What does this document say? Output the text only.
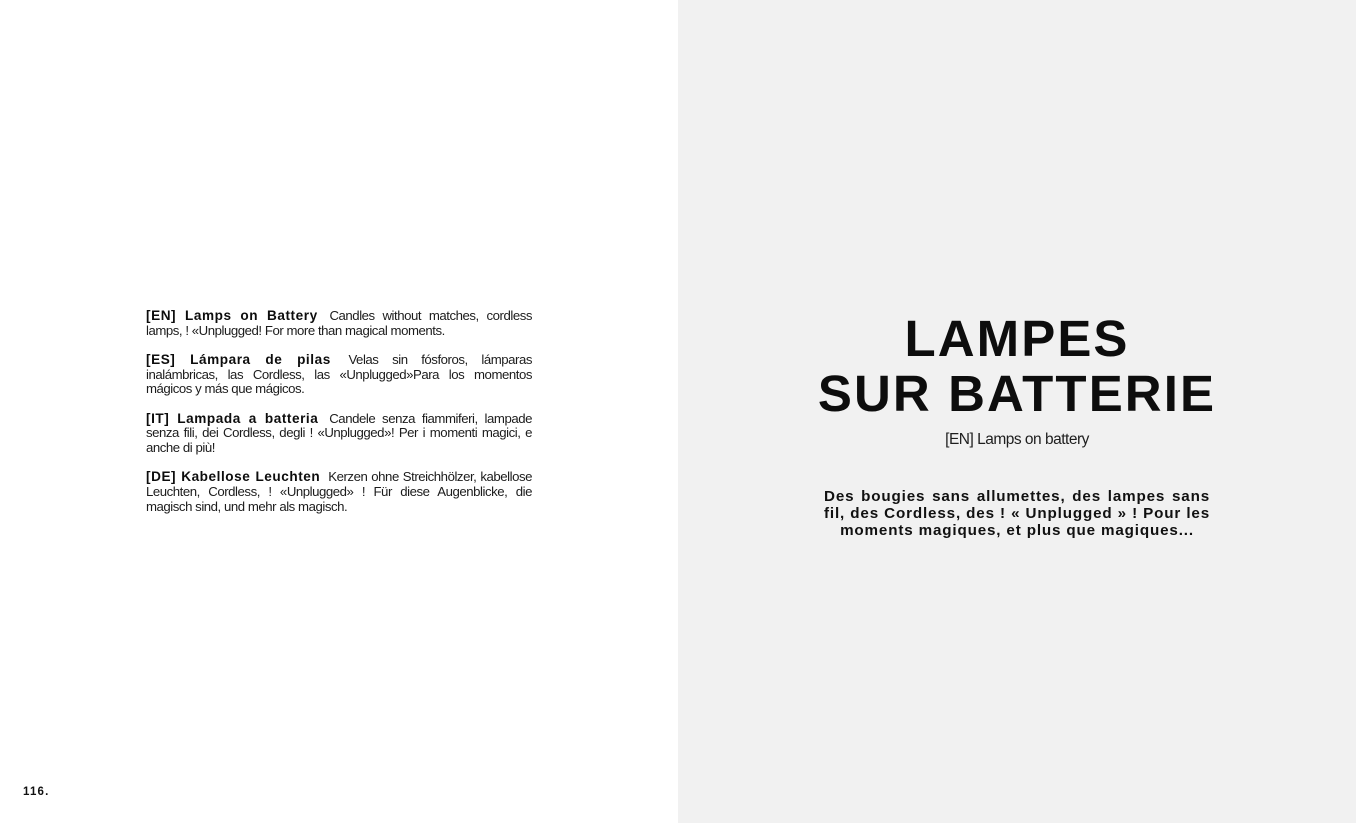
[EN] Lamps on Battery Candles without matches, cordless lamps, ! «Unplugged! For more than magical moments.

[ES] Lámpara de pilas Velas sin fósforos, lámparas inalámbricas, las Cordless, las «Unplugged»Para los momentos mágicos y más que mágicos.

[IT] Lampada a batteria Candele senza fiammiferi, lampade senza fili, dei Cordless, degli ! «Unplugged»! Per i momenti magici, e anche di più!

[DE] Kabellose Leuchten Kerzen ohne Streichhölzer, kabellose Leuchten, Cordless, ! «Unplugged» ! Für diese Augenblicke, die magisch sind, und mehr als magisch.

116.
LAMPES
SUR BATTERIE
[EN] Lamps on battery

Des bougies sans allumettes, des lampes sans fil, des Cordless, des ! « Unplugged » ! Pour les moments magiques, et plus que magiques...
